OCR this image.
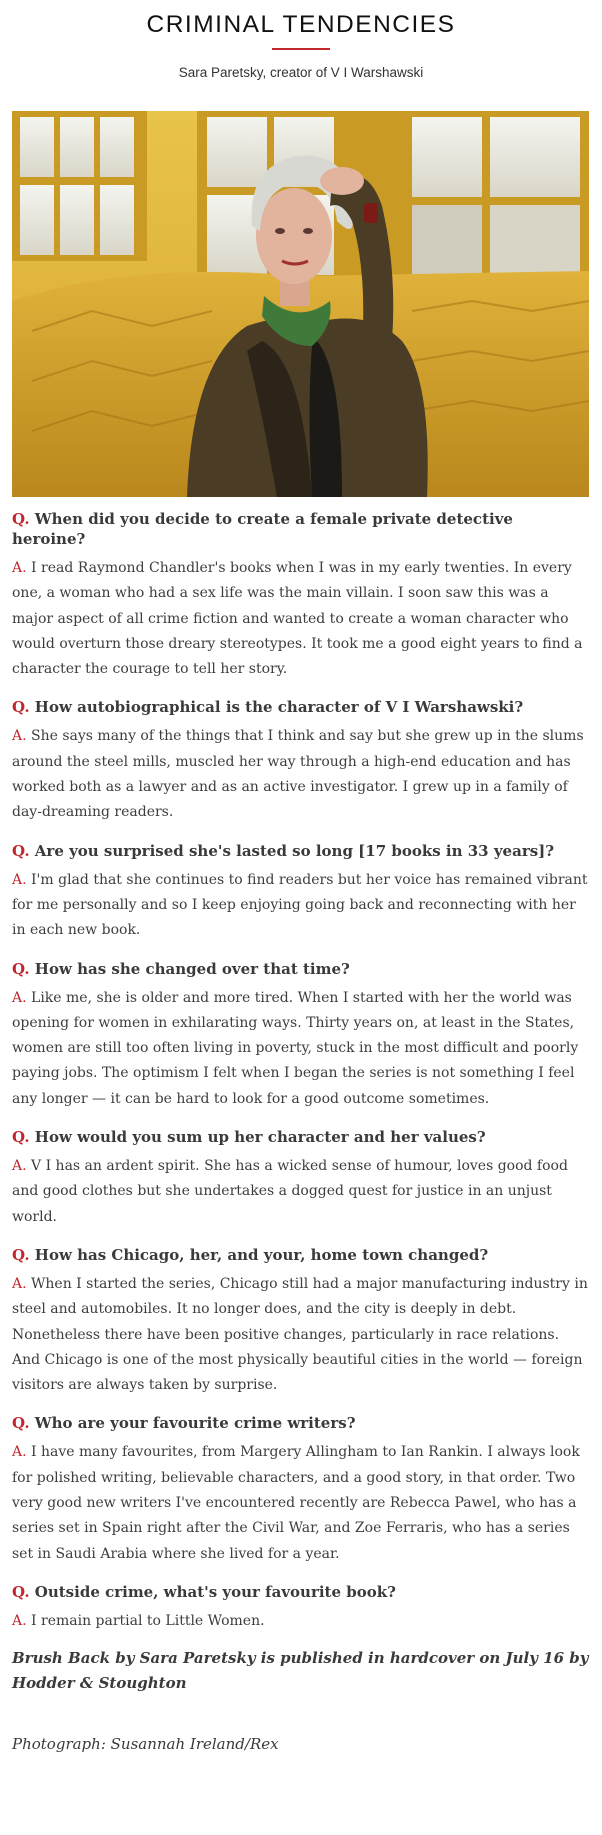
CRIMINAL TENDENCIES
Sara Paretsky, creator of V I Warshawski
Q. When did you decide to create a female private detective heroine?
A. I read Raymond Chandler's books when I was in my early twenties. In every one, a woman who had a sex life was the main villain. I soon saw this was a major aspect of all crime fiction and wanted to create a woman character who would overturn those dreary stereotypes. It took me a good eight years to find a character the courage to tell her story.
Q. How autobiographical is the character of V I Warshawski?
A. She says many of the things that I think and say but she grew up in the slums around the steel mills, muscled her way through a high-end education and has worked both as a lawyer and as an active investigator. I grew up in a family of day-dreaming readers.
Q. Are you surprised she's lasted so long [17 books in 33 years]?
A. I'm glad that she continues to find readers but her voice has remained vibrant for me personally and so I keep enjoying going back and reconnecting with her in each new book.
Q. How has she changed over that time?
A. Like me, she is older and more tired. When I started with her the world was opening for women in exhilarating ways. Thirty years on, at least in the States, women are still too often living in poverty, stuck in the most difficult and poorly paying jobs. The optimism I felt when I began the series is not something I feel any longer — it can be hard to look for a good outcome sometimes.
Q. How would you sum up her character and her values?
A. V I has an ardent spirit. She has a wicked sense of humour, loves good food and good clothes but she undertakes a dogged quest for justice in an unjust world.
Q. How has Chicago, her, and your, home town changed?
A. When I started the series, Chicago still had a major manufacturing industry in steel and automobiles. It no longer does, and the city is deeply in debt. Nonetheless there have been positive changes, particularly in race relations. And Chicago is one of the most physically beautiful cities in the world — foreign visitors are always taken by surprise.
Q. Who are your favourite crime writers?
A. I have many favourites, from Margery Allingham to Ian Rankin. I always look for polished writing, believable characters, and a good story, in that order. Two very good new writers I've encountered recently are Rebecca Pawel, who has a series set in Spain right after the Civil War, and Zoe Ferraris, who has a series set in Saudi Arabia where she lived for a year.
Q. Outside crime, what's your favourite book?
A. I remain partial to Little Women.
Brush Back by Sara Paretsky is published in hardcover on July 16 by Hodder & Stoughton
Photograph: Susannah Ireland/Rex
